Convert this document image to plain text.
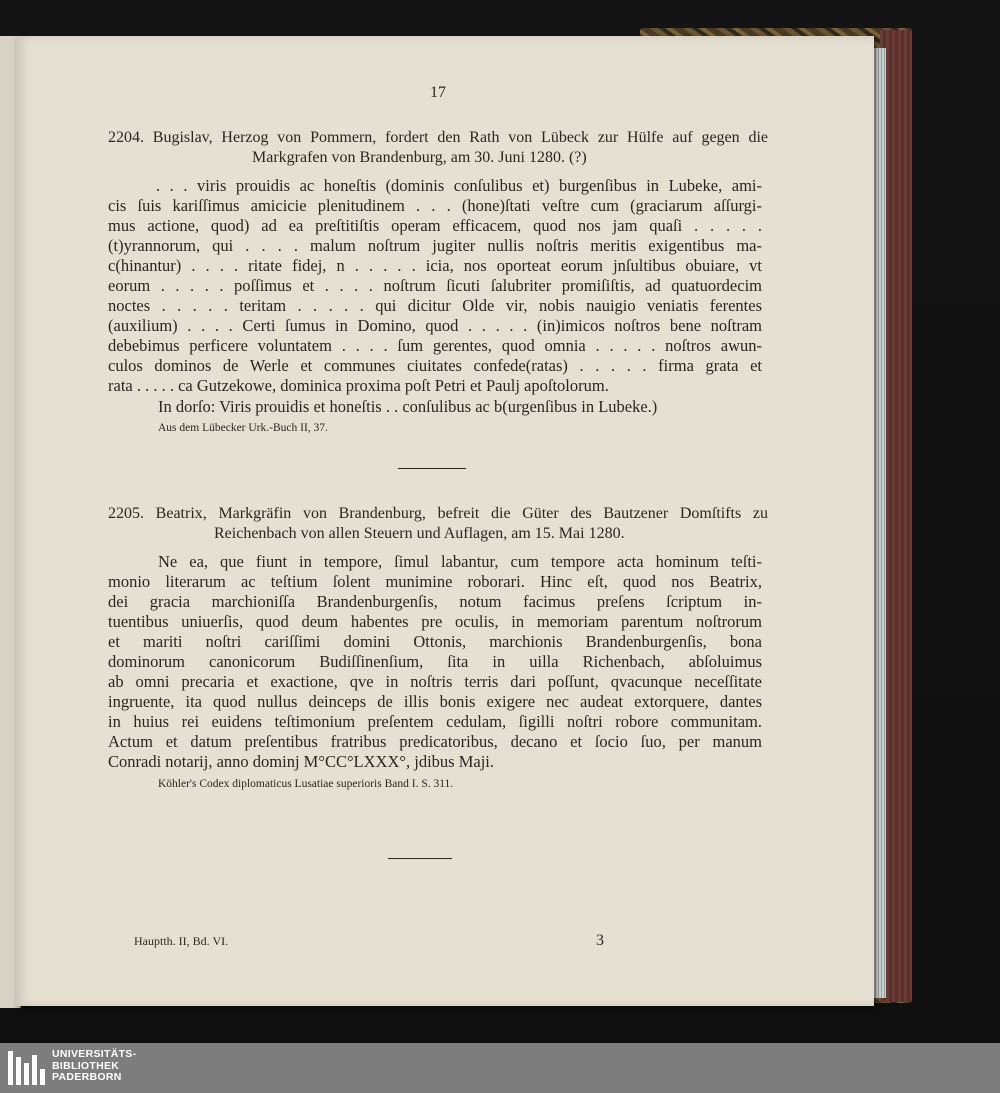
17
2204. Bugislav, Herzog von Pommern, fordert den Rath von Lübeck zur Hülfe auf gegen die
Markgrafen von Brandenburg, am 30. Juni 1280. (?)
. . . viris prouidis ac honeſtis (dominis conſulibus et) burgenſibus in Lubeke, ami-
cis ſuis kariſſimus amicicie plenitudinem . . . (hone)ſtati veſtre cum (graciarum aſſurgi-
mus actione, quod) ad ea preſtitiſtis operam efficacem, quod nos jam quaſi . . . . .
(t)yrannorum, qui . . . . malum noſtrum jugiter nullis noſtris meritis exigentibus ma-
c(hinantur) . . . . ritate fidej, n . . . . . icia, nos oporteat eorum jnſultibus obuiare, vt
eorum . . . . . poſſimus et . . . . noſtrum ſicuti ſalubriter promiſiſtis, ad quatuordecim
noctes . . . . . teritam . . . . . qui dicitur Olde vir, nobis nauigio veniatis ferentes
(auxilium) . . . . Certi ſumus in Domino, quod . . . . . (in)imicos noſtros bene noſtram
debebimus perficere voluntatem . . . . ſum gerentes, quod omnia . . . . . noſtros awun-
culos dominos de Werle et communes ciuitates confede(ratas) . . . . . firma grata et
rata . . . . . ca Gutzekowe, dominica proxima poſt Petri et Paulj apoſtolorum.
In dorſo: Viris prouidis et honeſtis . . conſulibus ac b(urgenſibus in Lubeke.)
Aus dem Lübecker Urk.-Buch II, 37.
2205. Beatrix, Markgräfin von Brandenburg, befreit die Güter des Bautzener Domſtifts zu
Reichenbach von allen Steuern und Auflagen, am 15. Mai 1280.
Ne ea, que fiunt in tempore, ſimul labantur, cum tempore acta hominum teſti-
monio literarum ac teſtium ſolent munimine roborari. Hinc eſt, quod nos Beatrix,
dei gracia marchioniſſa Brandenburgenſis, notum facimus preſens ſcriptum in-
tuentibus uniuerſis, quod deum habentes pre oculis, in memoriam parentum noſtrorum
et mariti noſtri cariſſimi domini Ottonis, marchionis Brandenburgenſis, bona
dominorum canonicorum Budiſſinenſium, ſita in uilla Richenbach, abſoluimus
ab omni precaria et exactione, qve in noſtris terris dari poſſunt, qvacunque neceſſitate
ingruente, ita quod nullus deinceps de illis bonis exigere nec audeat extorquere, dantes
in huius rei euidens teſtimonium preſentem cedulam, ſigilli noſtri robore communitam.
Actum et datum preſentibus fratribus predicatoribus, decano et ſocio ſuo, per manum
Conradi notarij, anno dominj M°CC°LXXX°, jdibus Maji.
Köhler's Codex diplomaticus Lusatiae superioris Band I. S. 311.
Hauptth. II, Bd. VI.	3
UNIVERSITÄTS-
BIBLIOTHEK
PADERBORN
